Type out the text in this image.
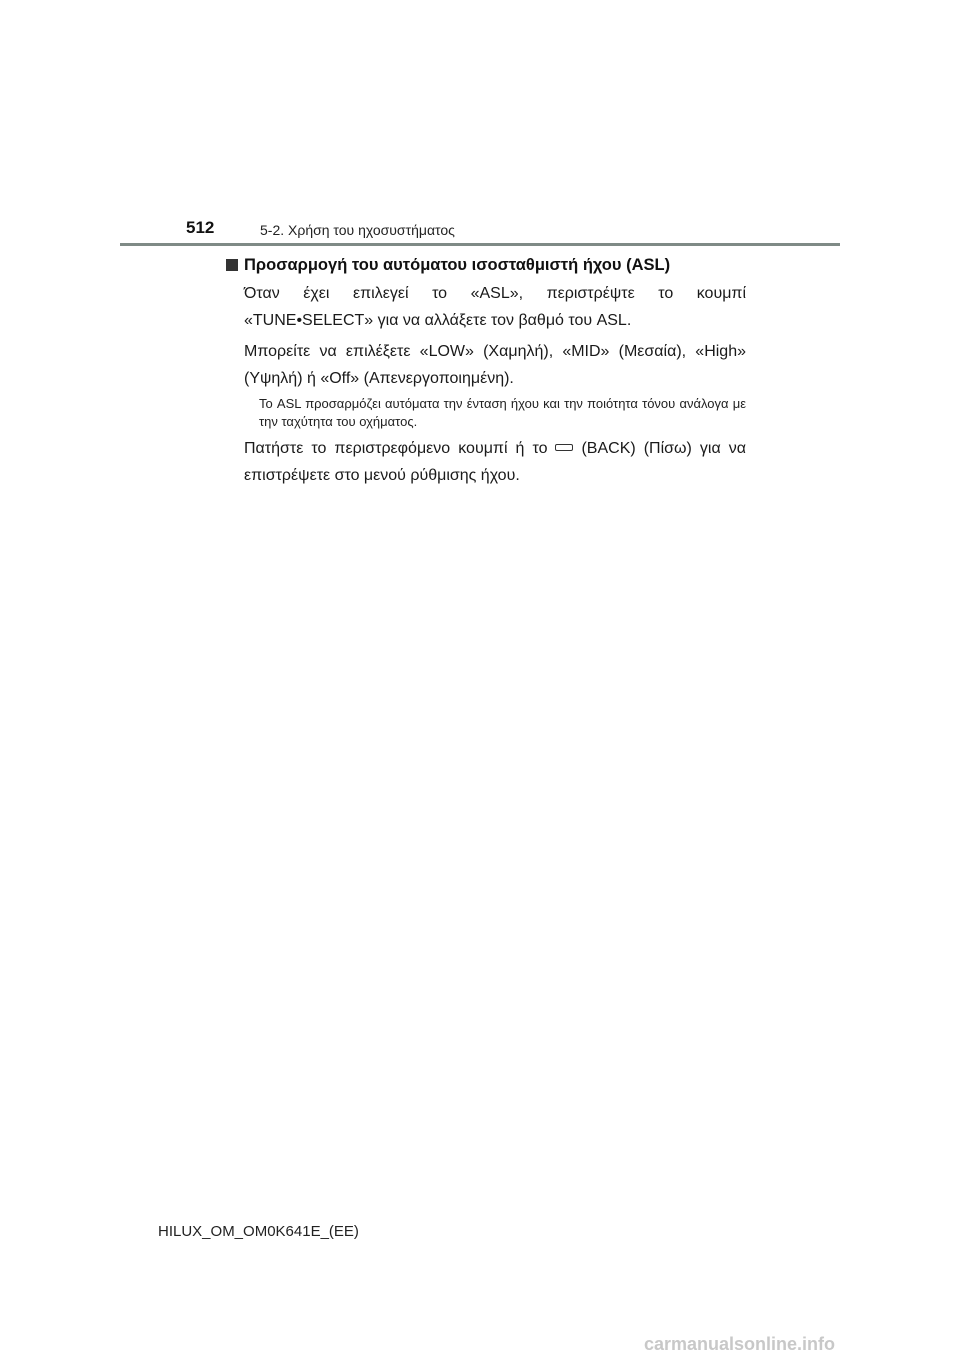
512	5-2. Χρήση του ηχοσυστήματος
Προσαρμογή του αυτόματου ισοσταθμιστή ήχου (ASL)
Όταν έχει επιλεγεί το «ASL», περιστρέψτε το κουμπί «TUNE•SELECT» για να αλλάξετε τον βαθμό του ASL.
Μπορείτε να επιλέξετε «LOW» (Χαμηλή), «MID» (Μεσαία), «High» (Υψηλή) ή «Off» (Απενεργοποιημένη).
Το ASL προσαρμόζει αυτόματα την ένταση ήχου και την ποιότητα τόνου ανάλογα με την ταχύτητα του οχήματος.
Πατήστε το περιστρεφόμενο κουμπί ή το (BACK) (Πίσω) για να επιστρέψετε στο μενού ρύθμισης ήχου.
HILUX_OM_OM0K641E_(EE)
carmanualsonline.info
